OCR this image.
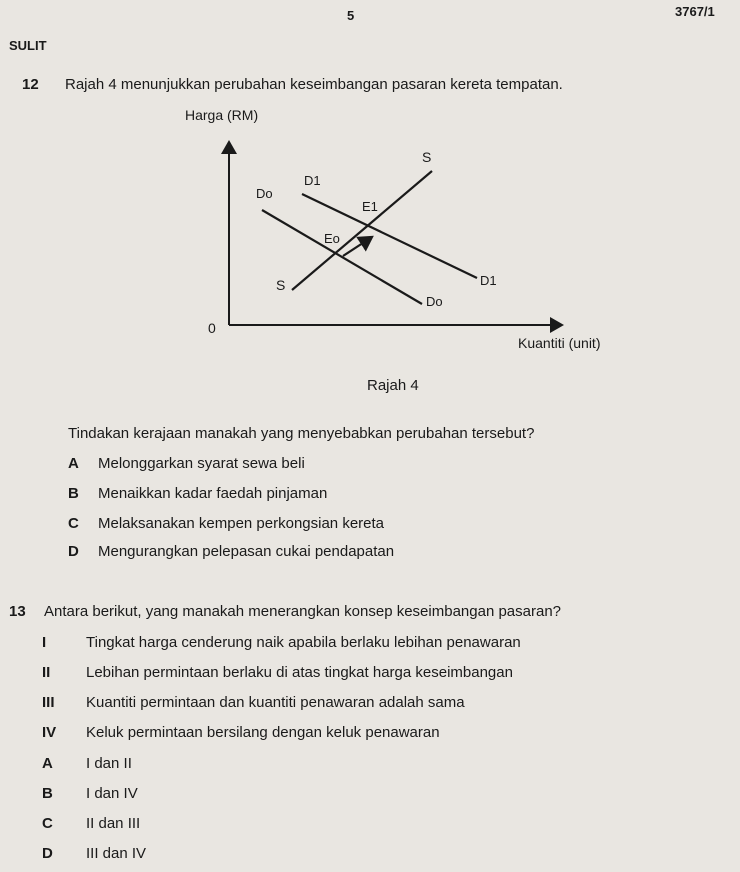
5	3767/1
SULIT
12 Rajah 4 menunjukkan perubahan keseimbangan pasaran kereta tempatan.
Harga (RM)
Kuantiti (unit)
0
S
S
Do
Do
D1
D1
Eo
E1
Rajah 4
Tindakan kerajaan manakah yang menyebabkan perubahan tersebut?
A Melonggarkan syarat sewa beli
B Menaikkan kadar faedah pinjaman
C Melaksanakan kempen perkongsian kereta
D Mengurangkan pelepasan cukai pendapatan
13 Antara berikut, yang manakah menerangkan konsep keseimbangan pasaran?
I	Tingkat harga cenderung naik apabila berlaku lebihan penawaran
II Lebihan permintaan berlaku di atas tingkat harga keseimbangan
III Kuantiti permintaan dan kuantiti penawaran adalah sama
IV Keluk permintaan bersilang dengan keluk penawaran
A I dan II
B I dan IV
C II dan III
D III dan IV
